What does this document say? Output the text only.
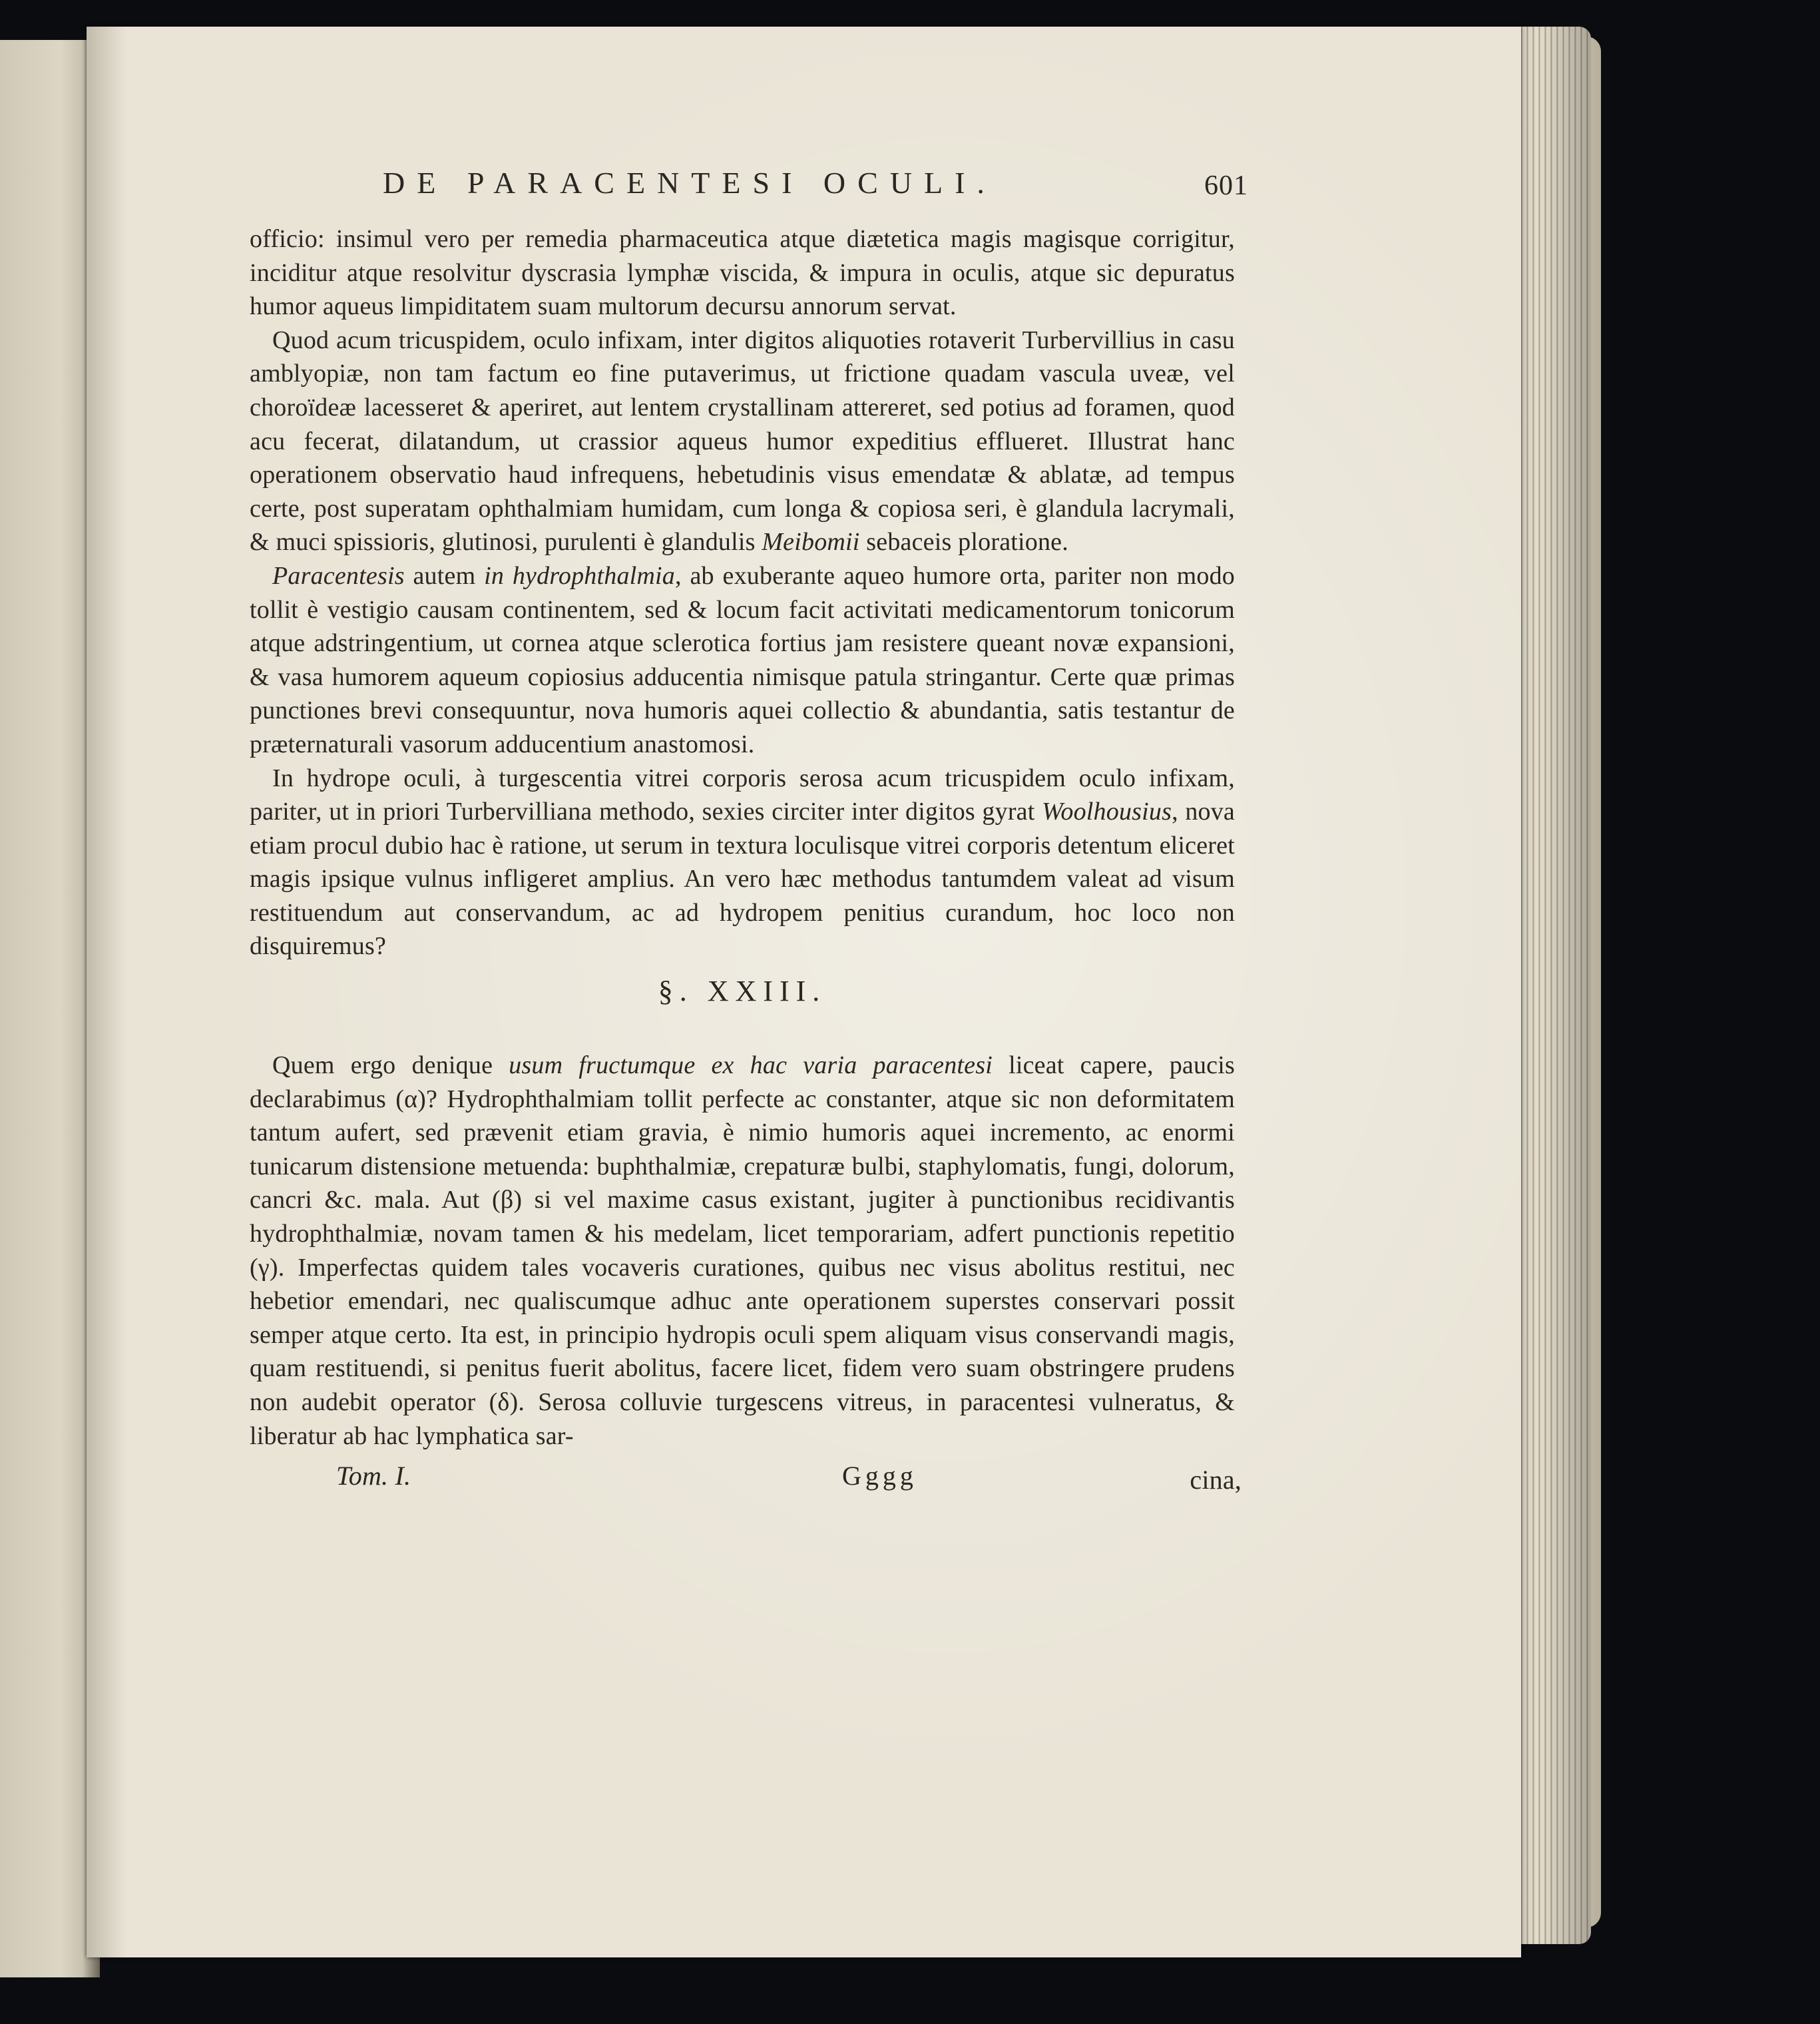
DE PARACENTESI OCULI.	601

officio: insimul vero per remedia pharmaceutica atque diætetica magis magisque corrigitur, inciditur atque resolvitur dyscrasia lymphæ viscida, & impura in oculis, atque sic depuratus humor aqueus limpiditatem suam multorum decursu annorum servat.

Quod acum tricuspidem, oculo infixam, inter digitos aliquoties rotaverit Turbervillius in casu amblyopiæ, non tam factum eo fine putaverimus, ut frictione quadam vascula uveæ, vel choroïdeæ lacesseret & aperiret, aut lentem crystallinam attereret, sed potius ad foramen, quod acu fecerat, dilatandum, ut crassior aqueus humor expeditius efflueret. Illustrat hanc operationem observatio haud infrequens, hebetudinis visus emendatæ & ablatæ, ad tempus certe, post superatam ophthalmiam humidam, cum longa & copiosa seri, è glandula lacrymali, & muci spissioris, glutinosi, purulenti è glandulis Meibomii sebaceis ploratione.

Paracentesis autem in hydrophthalmia, ab exuberante aqueo humore orta, pariter non modo tollit è vestigio causam continentem, sed & locum facit activitati medicamentorum tonicorum atque adstringentium, ut cornea atque sclerotica fortius jam resistere queant novæ expansioni, & vasa humorem aqueum copiosius adducentia nimisque patula stringantur. Certe quæ primas punctiones brevi consequuntur, nova humoris aquei collectio & abundantia, satis testantur de præternaturali vasorum adducentium anastomosi.

In hydrope oculi, à turgescentia vitrei corporis serosa acum tricuspidem oculo infixam, pariter, ut in priori Turbervilliana methodo, sexies circiter inter digitos gyrat Woolhousius, nova etiam procul dubio hac è ratione, ut serum in textura loculisque vitrei corporis detentum eliceret magis ipsique vulnus infligeret amplius. An vero hæc methodus tantumdem valeat ad visum restituendum aut conservandum, ac ad hydropem penitius curandum, hoc loco non disquiremus?

§. XXIII.

Quem ergo denique usum fructumque ex hac varia paracentesi liceat capere, paucis declarabimus (α)? Hydrophthalmiam tollit perfecte ac constanter, atque sic non deformitatem tantum aufert, sed prævenit etiam gravia, è nimio humoris aquei incremento, ac enormi tunicarum distensione metuenda: buphthalmiæ, crepaturæ bulbi, staphylomatis, fungi, dolorum, cancri &c. mala. Aut (β) si vel maxime casus existant, jugiter à punctionibus recidivantis hydrophthalmiæ, novam tamen & his medelam, licet temporariam, adfert punctionis repetitio (γ). Imperfectas quidem tales vocaveris curationes, quibus nec visus abolitus restitui, nec hebetior emendari, nec qualiscumque adhuc ante operationem superstes conservari possit semper atque certo. Ita est, in principio hydropis oculi spem aliquam visus conservandi magis, quam restituendi, si penitus fuerit abolitus, facere licet, fidem vero suam obstringere prudens non audebit operator (δ). Serosa colluvie turgescens vitreus, in paracentesi vulneratus, & liberatur ab hac lymphatica sar-

Tom. I.	Gggg	cina,
